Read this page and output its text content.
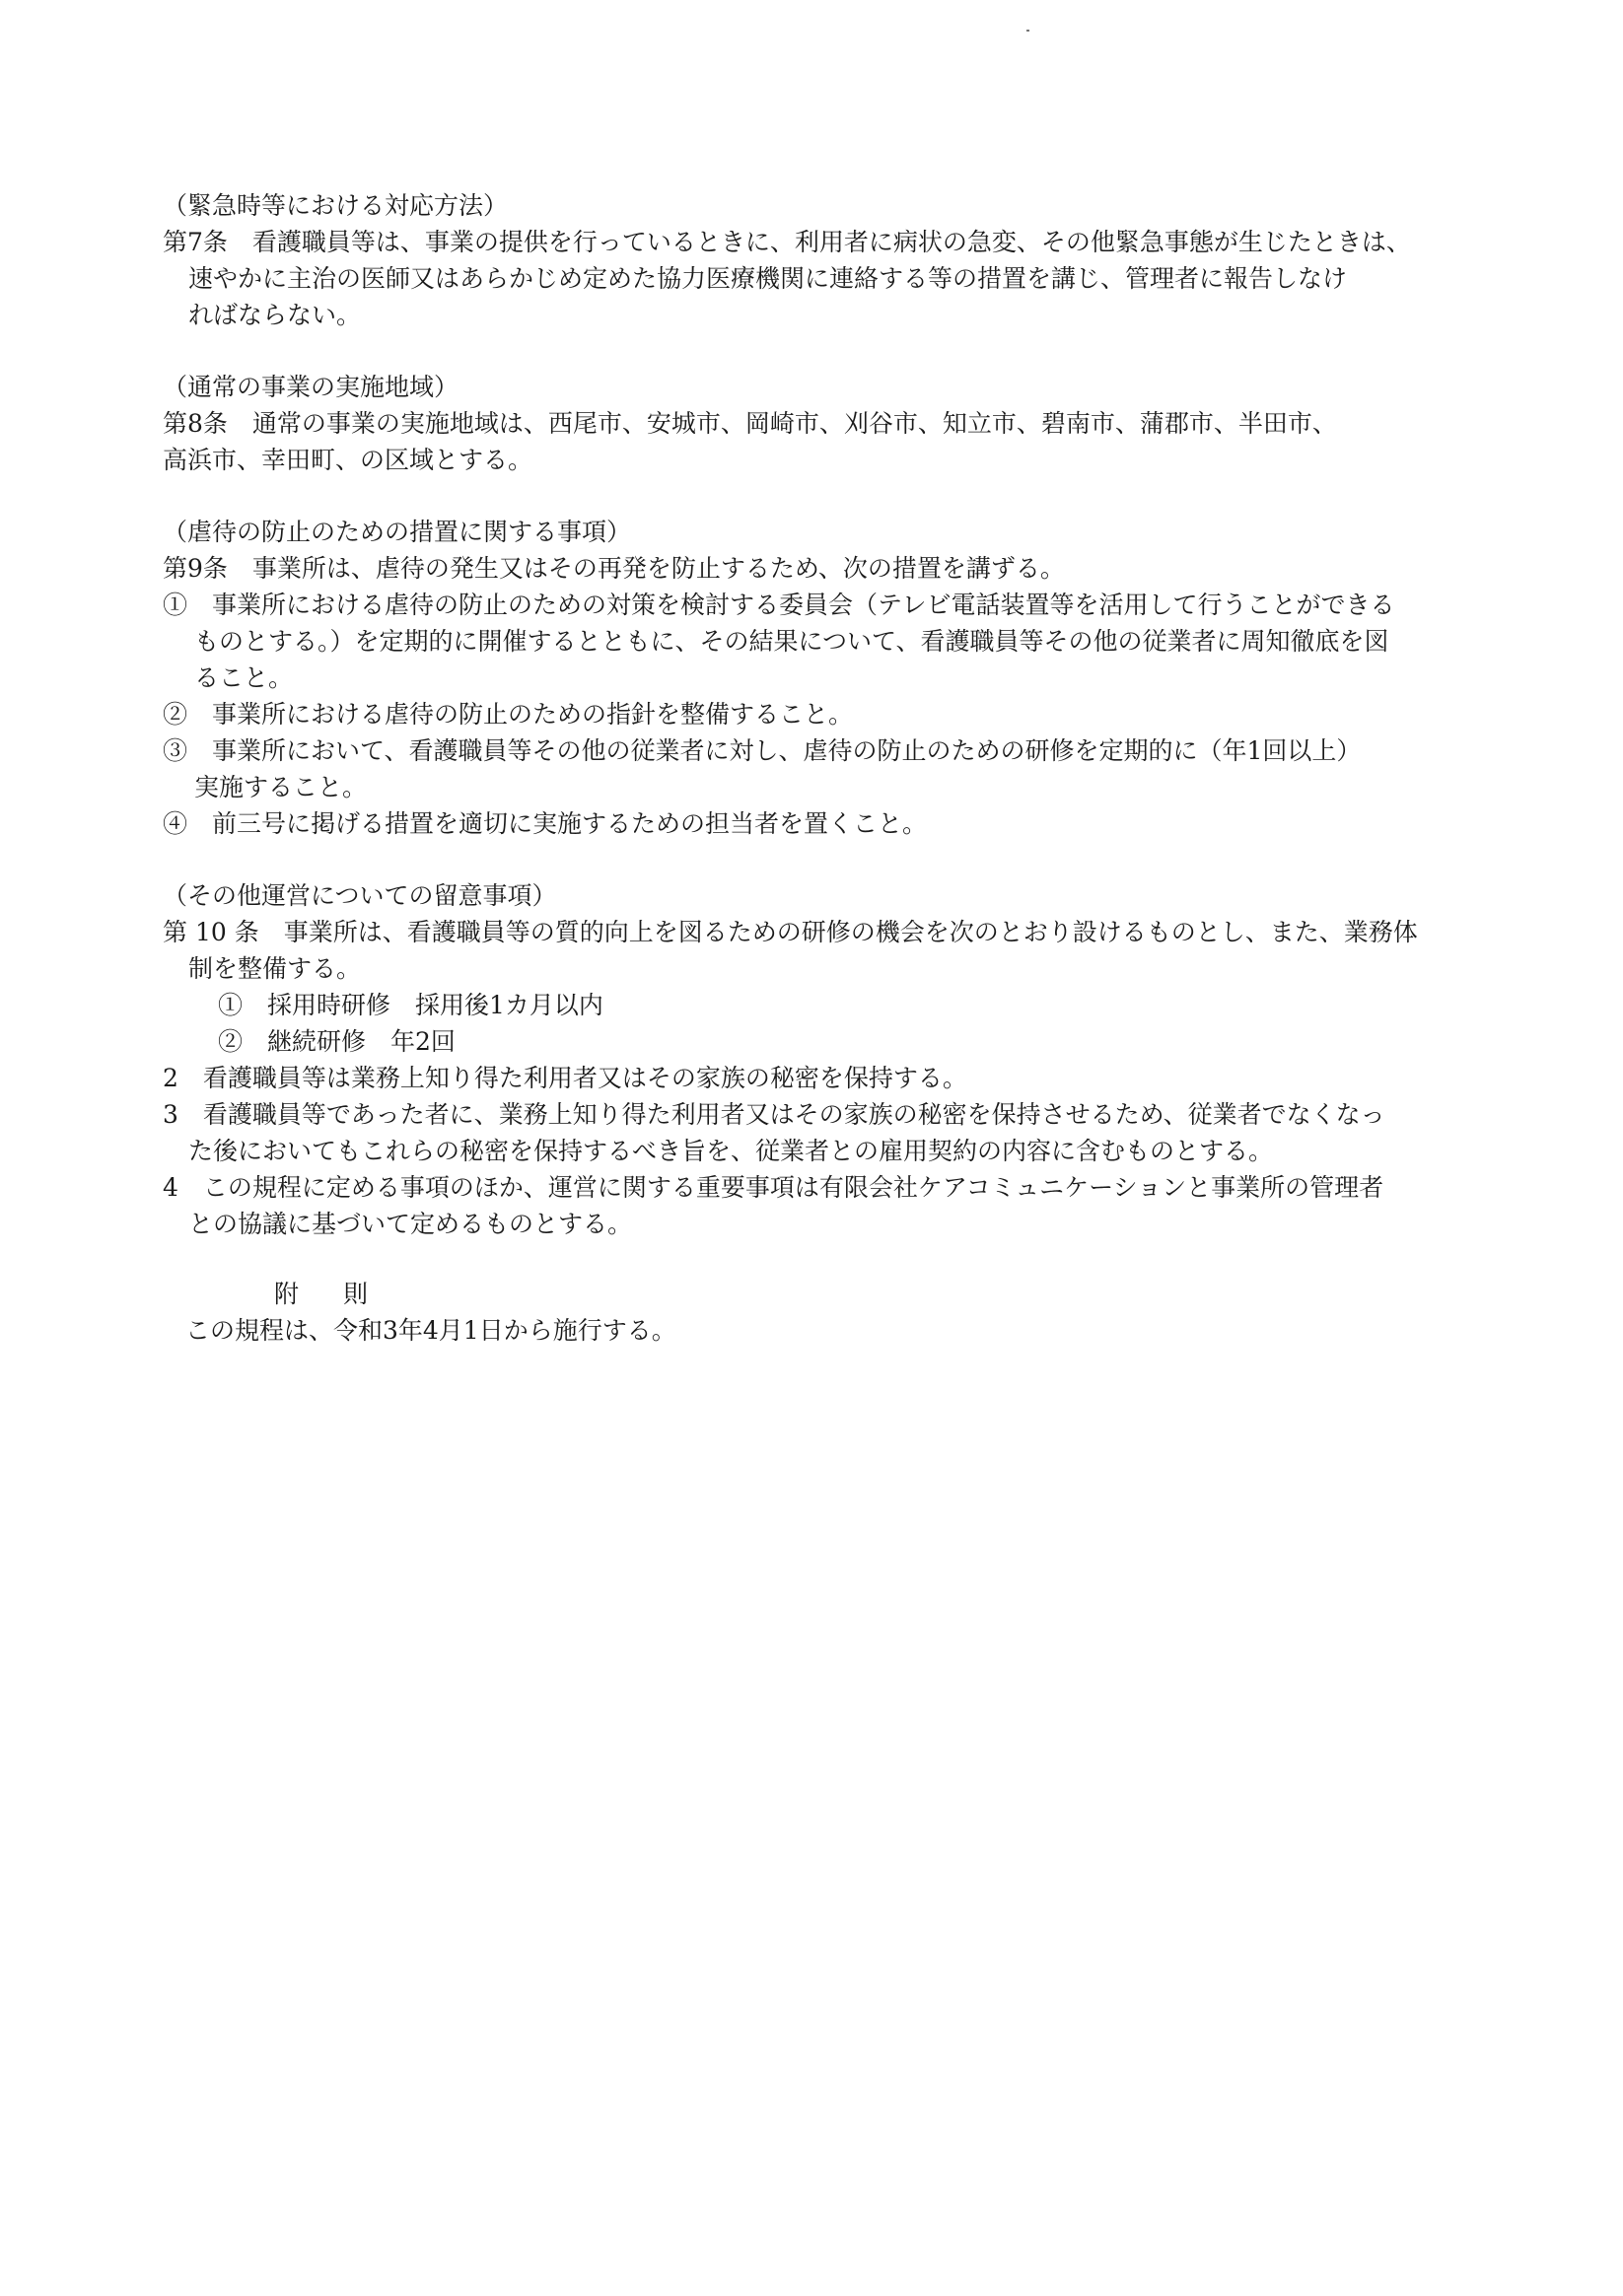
（緊急時等における対応方法）
第7条　看護職員等は、事業の提供を行っているときに、利用者に病状の急変、その他緊急事態が生じたときは、
速やかに主治の医師又はあらかじめ定めた協力医療機関に連絡する等の措置を講じ、管理者に報告しなけ
ればならない。
（通常の事業の実施地域）
第8条　通常の事業の実施地域は、西尾市、安城市、岡崎市、刈谷市、知立市、碧南市、蒲郡市、半田市、
高浜市、幸田町、の区域とする。
（虐待の防止のための措置に関する事項）
第9条　事業所は、虐待の発生又はその再発を防止するため、次の措置を講ずる。
①　事業所における虐待の防止のための対策を検討する委員会（テレビ電話装置等を活用して行うことができる
ものとする。）を定期的に開催するとともに、その結果について、看護職員等その他の従業者に周知徹底を図
ること。
②　事業所における虐待の防止のための指針を整備すること。
③　事業所において、看護職員等その他の従業者に対し、虐待の防止のための研修を定期的に（年1回以上）
実施すること。
④　前三号に掲げる措置を適切に実施するための担当者を置くこと。
（その他運営についての留意事項）
第 10 条　事業所は、看護職員等の質的向上を図るための研修の機会を次のとおり設けるものとし、また、業務体
制を整備する。
①　採用時研修　採用後1カ月以内
②　継続研修　年2回
2　看護職員等は業務上知り得た利用者又はその家族の秘密を保持する。
3　看護職員等であった者に、業務上知り得た利用者又はその家族の秘密を保持させるため、従業者でなくなっ
た後においてもこれらの秘密を保持するべき旨を、従業者との雇用契約の内容に含むものとする。
4　この規程に定める事項のほか、運営に関する重要事項は有限会社ケアコミュニケーションと事業所の管理者
との協議に基づいて定めるものとする。
附　則
この規程は、令和3年4月1日から施行する。
